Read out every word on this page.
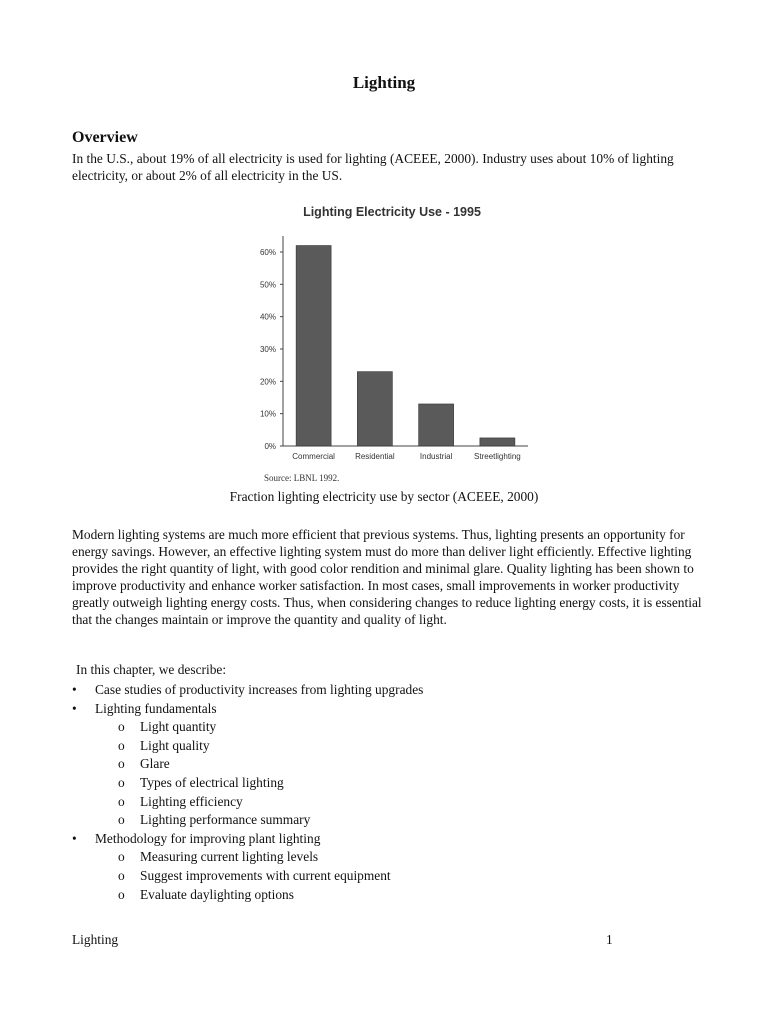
Lighting
Overview

In the U.S., about 19% of all electricity is used for lighting (ACEEE, 2000). Industry uses about 10% of lighting electricity, or about 2% of all electricity in the US.

Lighting Electricity Use - 1995
0%
10%
20%
30%
40%
50%
60%
Commercial	Residential	Industrial	Streetlighting
Source: LBNL 1992.

Fraction lighting electricity use by sector (ACEEE, 2000)

Modern lighting systems are much more efficient that previous systems. Thus, lighting presents an opportunity for energy savings. However, an effective lighting system must do more than deliver light efficiently. Effective lighting provides the right quantity of light, with good color rendition and minimal glare. Quality lighting has been shown to improve productivity and enhance worker satisfaction. In most cases, small improvements in worker productivity greatly outweigh lighting energy costs. Thus, when considering changes to reduce lighting energy costs, it is essential that the changes maintain or improve the quantity and quality of light.

In this chapter, we describe:

• Case studies of productivity increases from lighting upgrades
• Lighting fundamentals
o Light quantity
o Light quality
o Glare
o Types of electrical lighting
o Lighting efficiency
o Lighting performance summary
• Methodology for improving plant lighting
o Measuring current lighting levels
o Suggest improvements with current equipment
o Evaluate daylighting options

Lighting	1
